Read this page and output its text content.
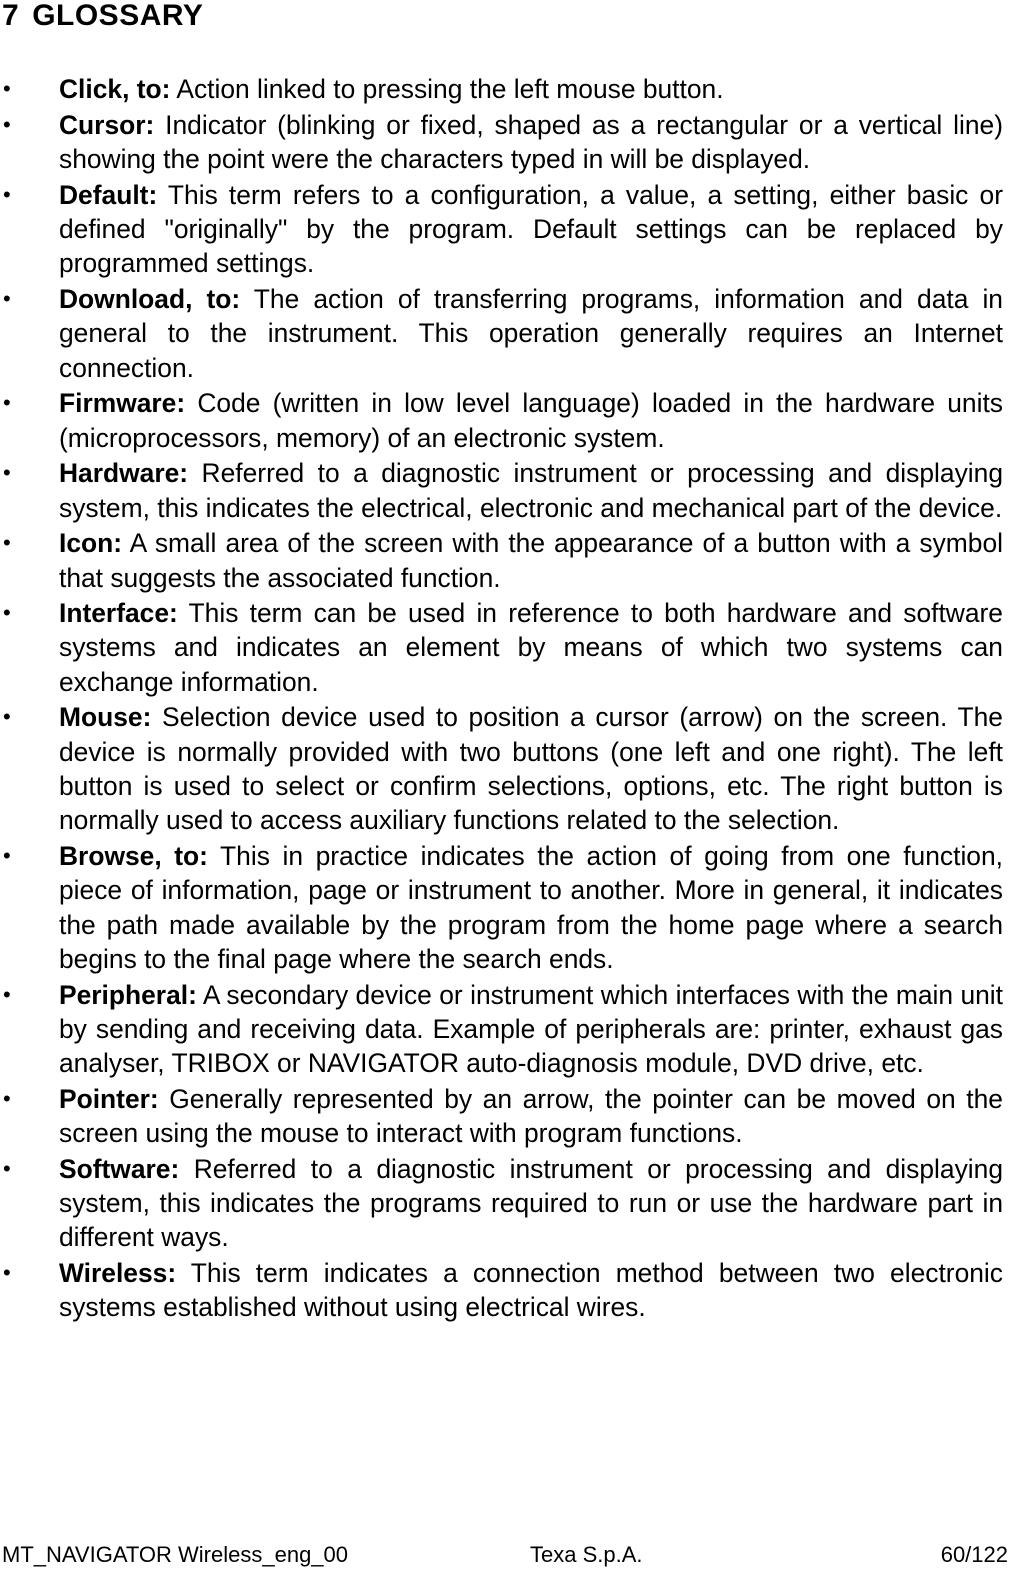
7 GLOSSARY
• Click, to: Action linked to pressing the left mouse button.
• Cursor: Indicator (blinking or fixed, shaped as a rectangular or a vertical line) showing the point were the characters typed in will be displayed.
• Default: This term refers to a configuration, a value, a setting, either basic or defined "originally" by the program. Default settings can be replaced by programmed settings.
• Download, to: The action of transferring programs, information and data in general to the instrument. This operation generally requires an Internet connection.
• Firmware: Code (written in low level language) loaded in the hardware units (microprocessors, memory) of an electronic system.
• Hardware: Referred to a diagnostic instrument or processing and displaying system, this indicates the electrical, electronic and mechanical part of the device.
• Icon: A small area of the screen with the appearance of a button with a symbol that suggests the associated function.
• Interface: This term can be used in reference to both hardware and software systems and indicates an element by means of which two systems can exchange information.
• Mouse: Selection device used to position a cursor (arrow) on the screen. The device is normally provided with two buttons (one left and one right). The left button is used to select or confirm selections, options, etc. The right button is normally used to access auxiliary functions related to the selection.
• Browse, to: This in practice indicates the action of going from one function, piece of information, page or instrument to another. More in general, it indicates the path made available by the program from the home page where a search begins to the final page where the search ends.
• Peripheral: A secondary device or instrument which interfaces with the main unit by sending and receiving data. Example of peripherals are: printer, exhaust gas analyser, TRIBOX or NAVIGATOR auto-diagnosis module, DVD drive, etc.
• Pointer: Generally represented by an arrow, the pointer can be moved on the screen using the mouse to interact with program functions.
• Software: Referred to a diagnostic instrument or processing and displaying system, this indicates the programs required to run or use the hardware part in different ways.
• Wireless: This term indicates a connection method between two electronic systems established without using electrical wires.
MT_NAVIGATOR Wireless_eng_00	Texa S.p.A.	60/122
